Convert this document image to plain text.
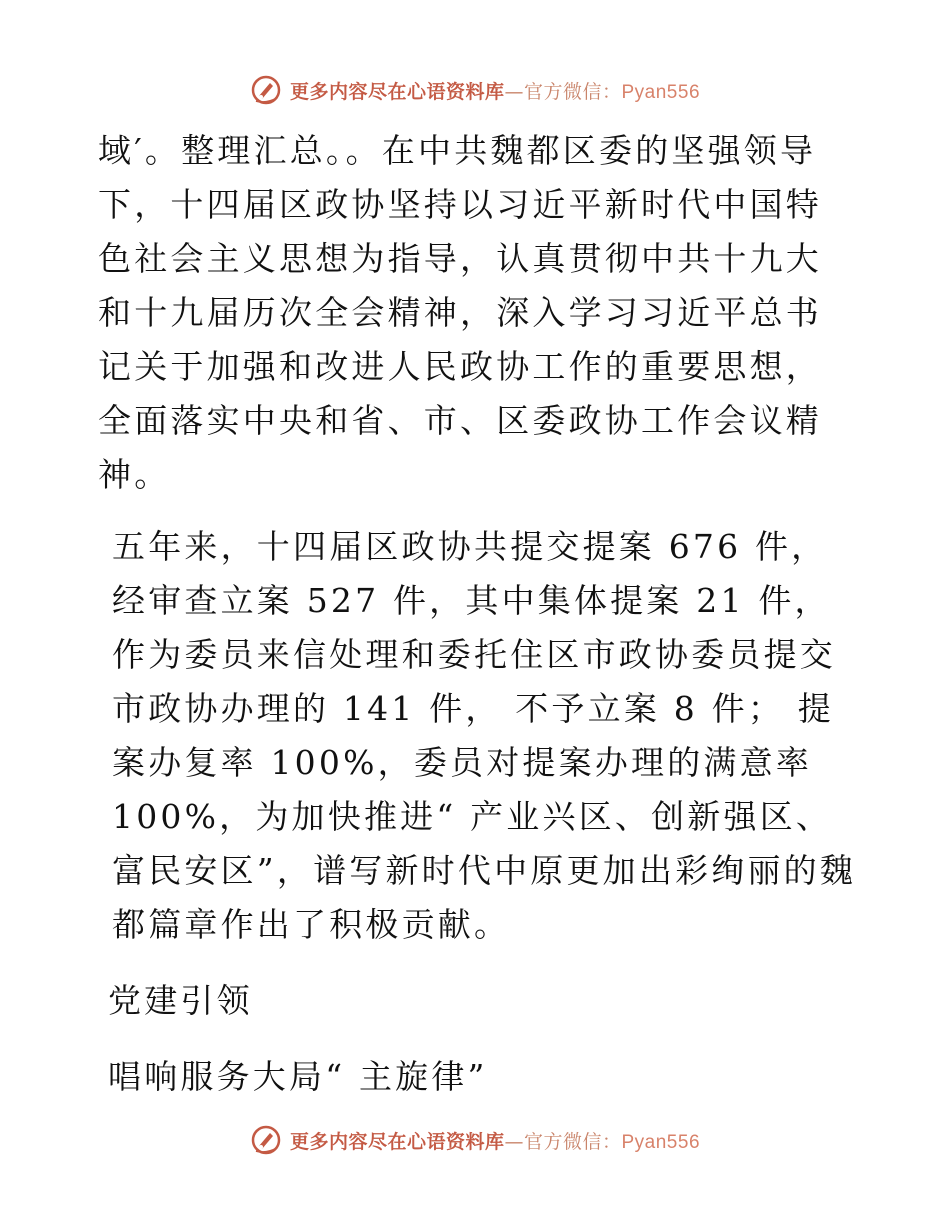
更多内容尽在心语资料库—官方微信：Pyan556

域′。整理汇总。。在中共魏都区委的坚强领导下，十四届区政协坚持以习近平新时代中国特色社会主义思想为指导，认真贯彻中共十九大和十九届历次全会精神，深入学习习近平总书记关于加强和改进人民政协工作的重要思想，全面落实中央和省、市、区委政协工作会议精神。

五年来，十四届区政协共提交提案 676 件，经审查立案 527 件，其中集体提案 21 件，作为委员来信处理和委托住区市政协委员提交市政协办理的 141 件， 不予立案 8 件； 提案办复率 100%，委员对提案办理的满意率 100%，为加快推进“ 产业兴区、创新强区、富民安区”，谱写新时代中原更加出彩绚丽的魏都篇章作出了积极贡献。

党建引领

唱响服务大局“ 主旋律”

更多内容尽在心语资料库—官方微信：Pyan556
